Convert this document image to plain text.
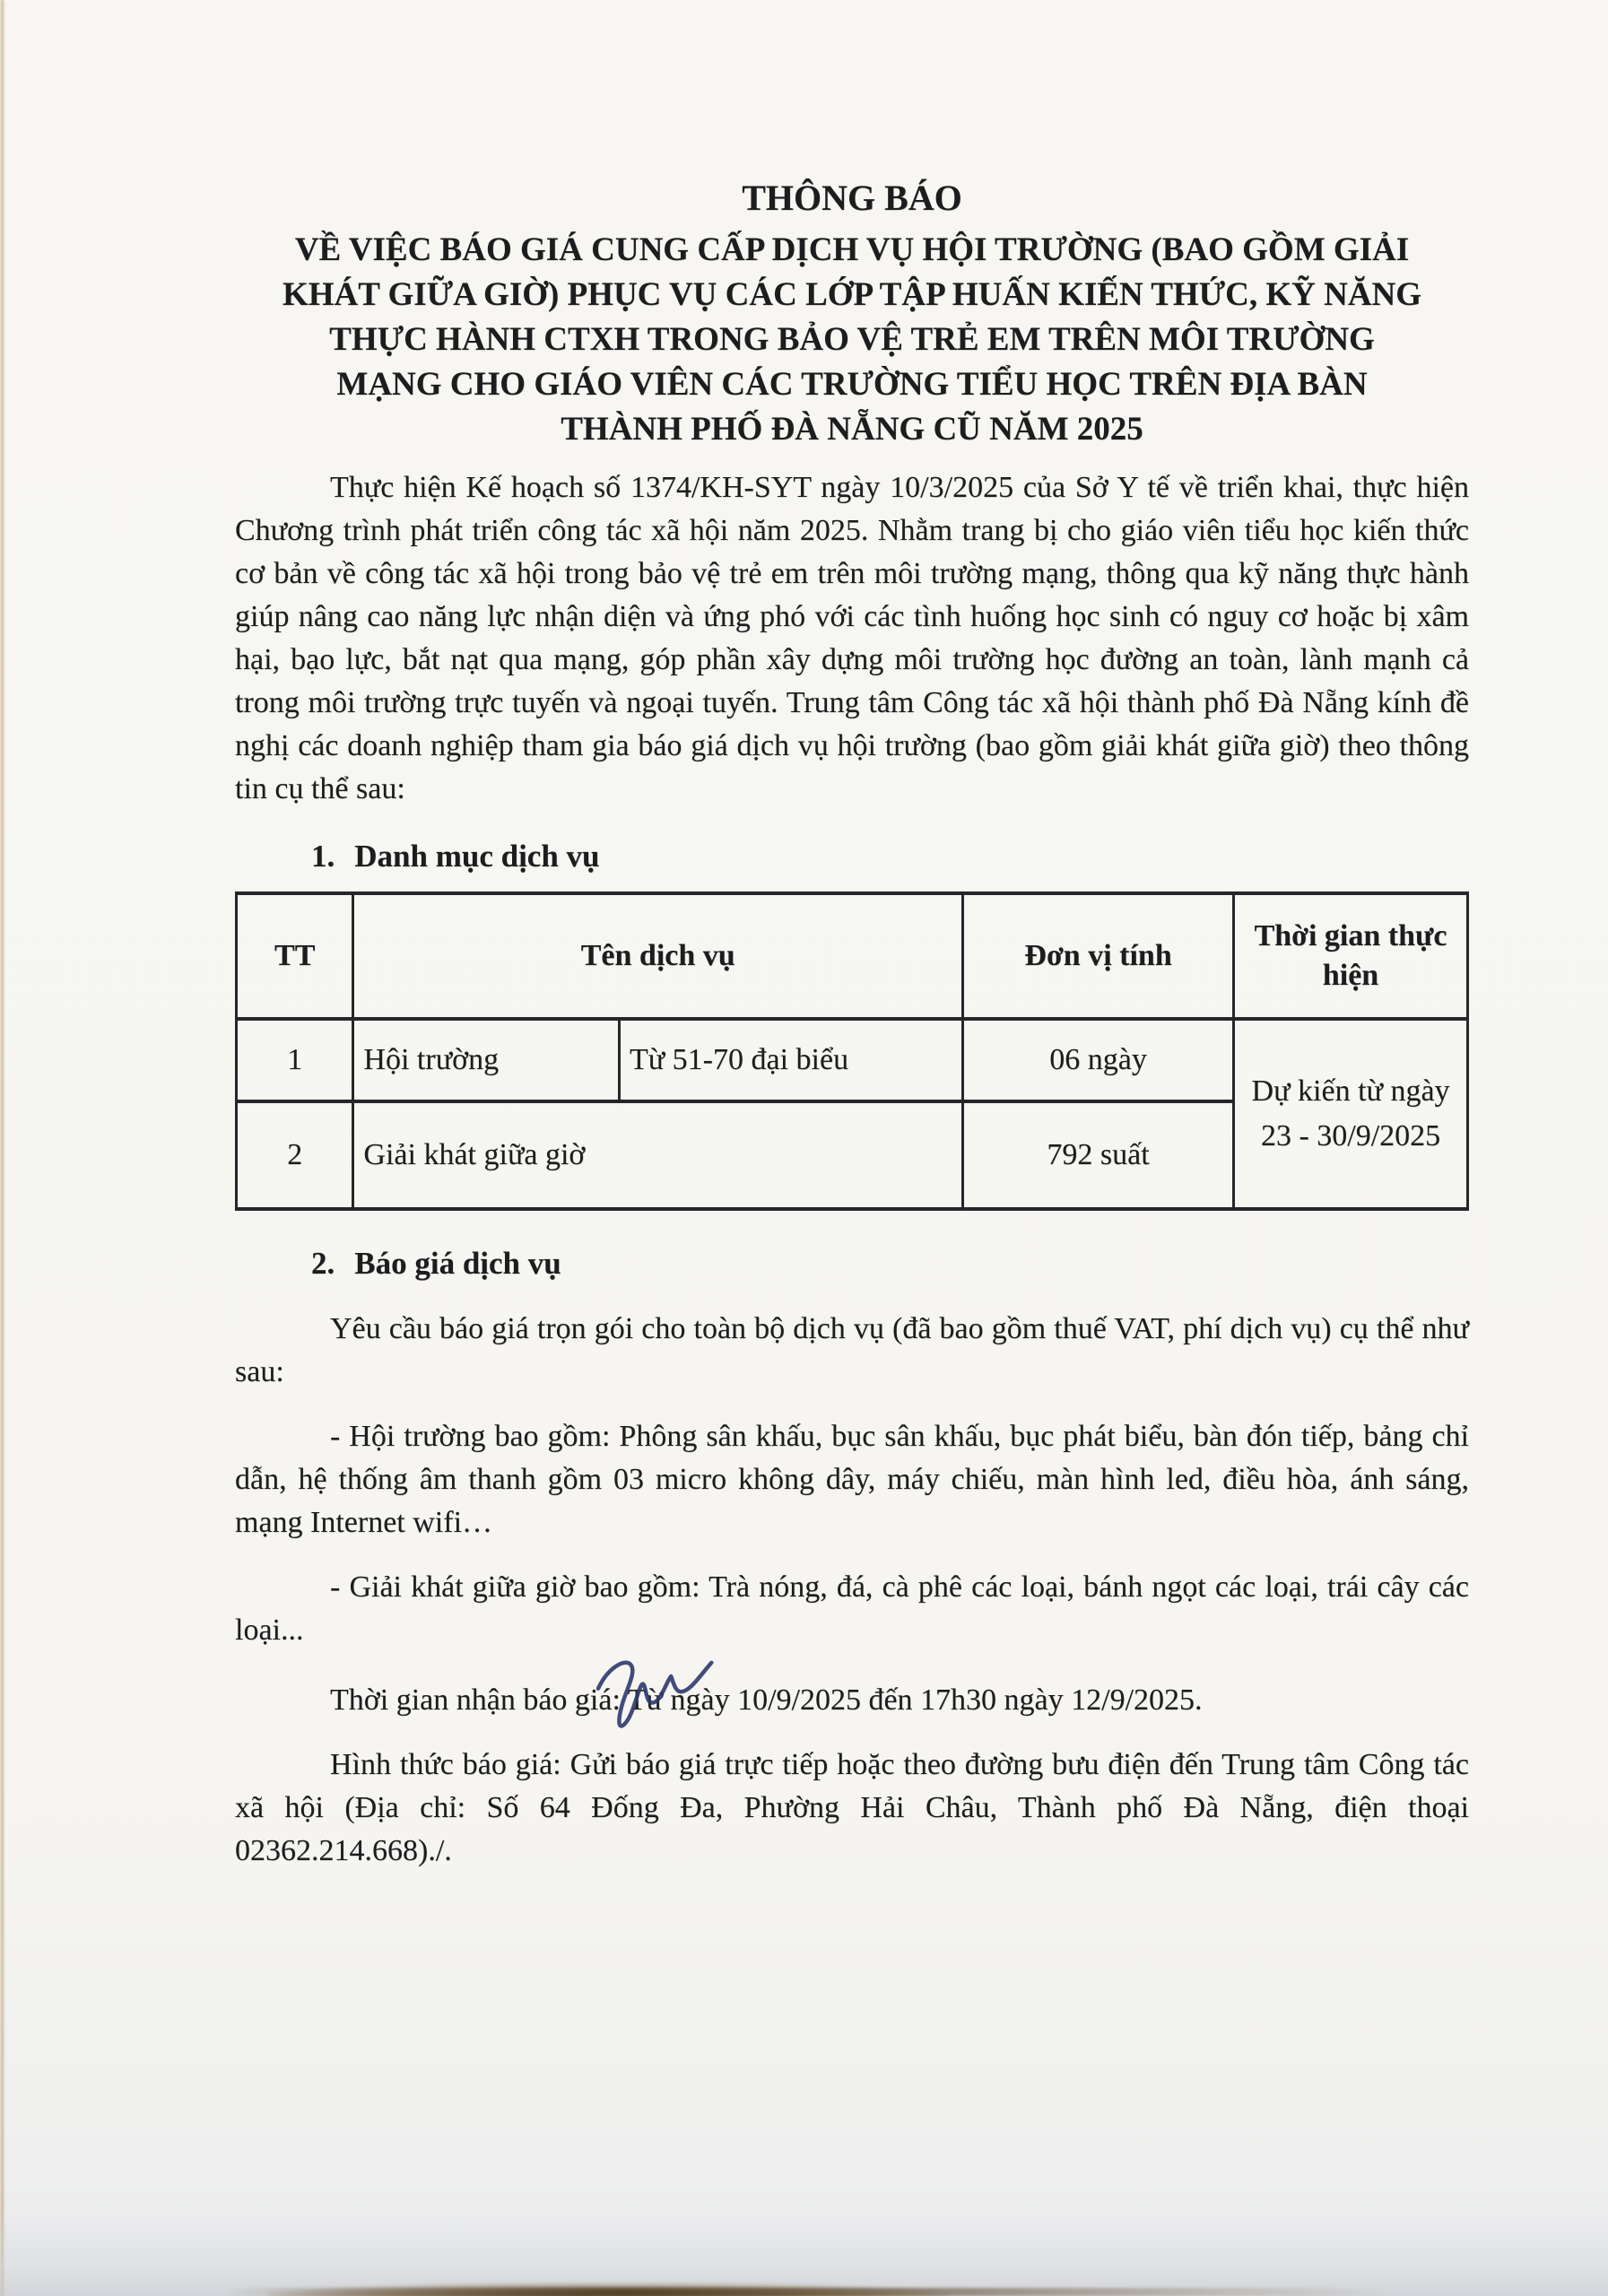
THÔNG BÁO
VỀ VIỆC BÁO GIÁ CUNG CẤP DỊCH VỤ HỘI TRƯỜNG (BAO GỒM GIẢI
KHÁT GIỮA GIỜ) PHỤC VỤ CÁC LỚP TẬP HUẤN KIẾN THỨC, KỸ NĂNG
THỰC HÀNH CTXH TRONG BẢO VỆ TRẺ EM TRÊN MÔI TRƯỜNG
MẠNG CHO GIÁO VIÊN CÁC TRƯỜNG TIỂU HỌC TRÊN ĐỊA BÀN
THÀNH PHỐ ĐÀ NẴNG CŨ NĂM 2025

Thực hiện Kế hoạch số 1374/KH-SYT ngày 10/3/2025 của Sở Y tế về triển khai, thực hiện Chương trình phát triển công tác xã hội năm 2025. Nhằm trang bị cho giáo viên tiểu học kiến thức cơ bản về công tác xã hội trong bảo vệ trẻ em trên môi trường mạng, thông qua kỹ năng thực hành giúp nâng cao năng lực nhận diện và ứng phó với các tình huống học sinh có nguy cơ hoặc bị xâm hại, bạo lực, bắt nạt qua mạng, góp phần xây dựng môi trường học đường an toàn, lành mạnh cả trong môi trường trực tuyến và ngoại tuyến. Trung tâm Công tác xã hội thành phố Đà Nẵng kính đề nghị các doanh nghiệp tham gia báo giá dịch vụ hội trường (bao gồm giải khát giữa giờ) theo thông tin cụ thể sau:

1. Danh mục dịch vụ
TT	Tên dịch vụ		Đơn vị tính	Thời gian thực hiện
1	Hội trường	Từ 51-70 đại biểu	06 ngày	Dự kiến từ ngày 23 - 30/9/2025
2	Giải khát giữa giờ		792 suất	
2. Báo giá dịch vụ

Yêu cầu báo giá trọn gói cho toàn bộ dịch vụ (đã bao gồm thuế VAT, phí dịch vụ) cụ thể như sau:

- Hội trường bao gồm: Phông sân khấu, bục sân khấu, bục phát biểu, bàn đón tiếp, bảng chỉ dẫn, hệ thống âm thanh gồm 03 micro không dây, máy chiếu, màn hình led, điều hòa, ánh sáng, mạng Internet wifi…

- Giải khát giữa giờ bao gồm: Trà nóng, đá, cà phê các loại, bánh ngọt các loại, trái cây các loại...

Thời gian nhận báo giá: Từ ngày 10/9/2025 đến 17h30 ngày 12/9/2025.

Hình thức báo giá: Gửi báo giá trực tiếp hoặc theo đường bưu điện đến Trung tâm Công tác xã hội (Địa chỉ: Số 64 Đống Đa, Phường Hải Châu, Thành phố Đà Nẵng, điện thoại 02362.214.668)./.
